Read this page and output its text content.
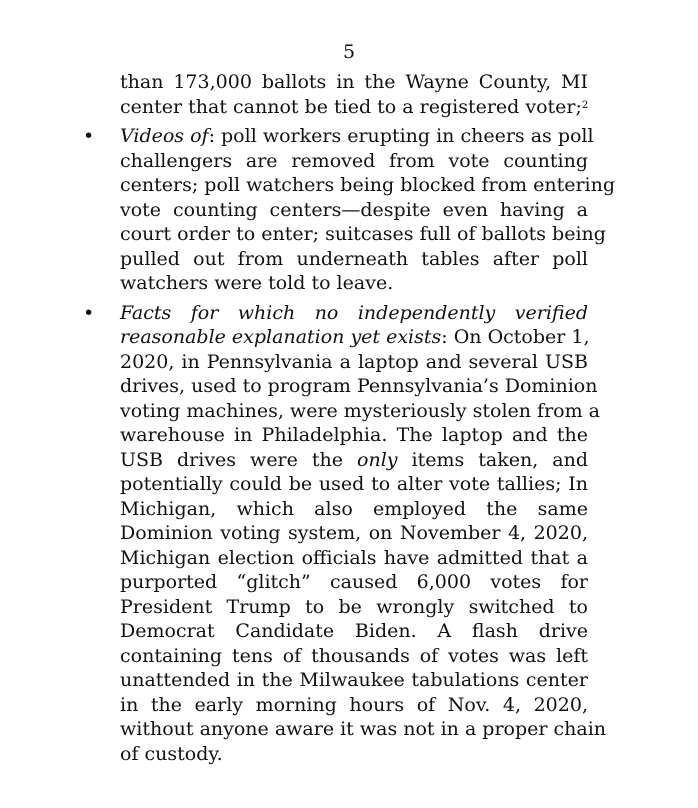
5
than 173,000 ballots in the Wayne County, MI
center that cannot be tied to a registered voter;$^2$
• Videos of: poll workers erupting in cheers as poll
challengers are removed from vote counting
centers; poll watchers being blocked from entering
vote counting centers—despite even having a
court order to enter; suitcases full of ballots being
pulled out from underneath tables after poll
watchers were told to leave.
• Facts for which no independently verified
reasonable explanation yet exists: On October 1,
2020, in Pennsylvania a laptop and several USB
drives, used to program Pennsylvania’s Dominion
voting machines, were mysteriously stolen from a
warehouse in Philadelphia. The laptop and the
USB drives were the only items taken, and
potentially could be used to alter vote tallies; In
Michigan, which also employed the same
Dominion voting system, on November 4, 2020,
Michigan election officials have admitted that a
purported “glitch” caused 6,000 votes for
President Trump to be wrongly switched to
Democrat Candidate Biden. A flash drive
containing tens of thousands of votes was left
unattended in the Milwaukee tabulations center
in the early morning hours of Nov. 4, 2020,
without anyone aware it was not in a proper chain
of custody.
